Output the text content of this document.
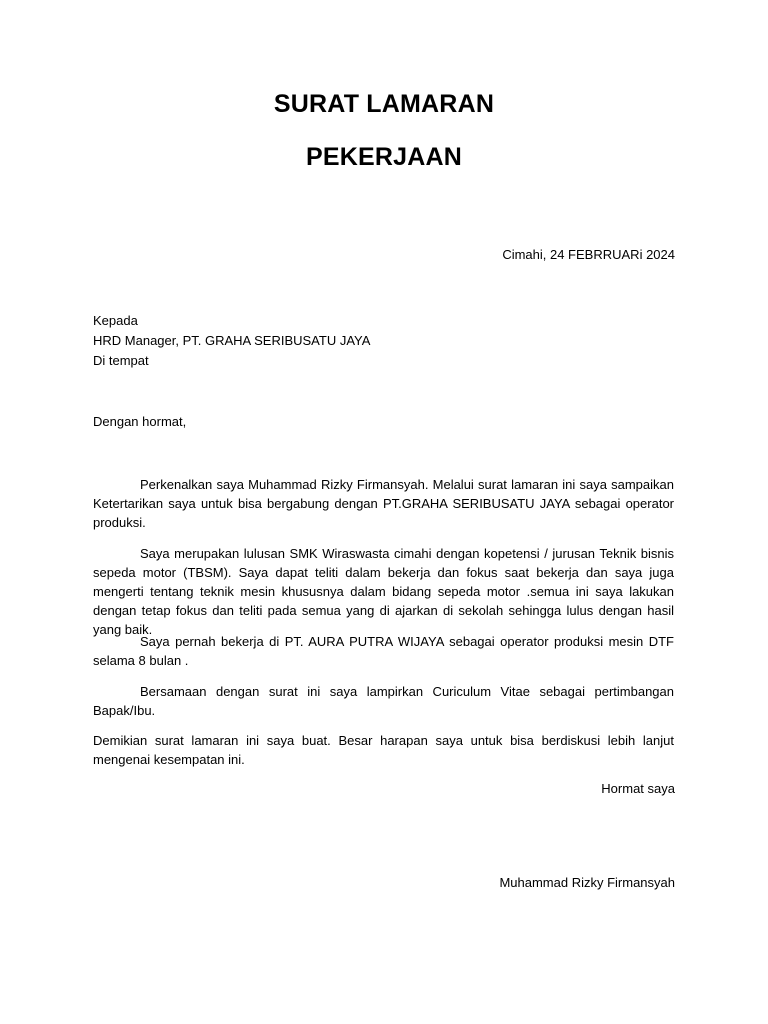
SURAT LAMARAN
PEKERJAAN
Cimahi, 24 FEBRRUARi 2024
Kepada
HRD Manager, PT. GRAHA SERIBUSATU JAYA
Di tempat
Dengan hormat,
Perkenalkan saya Muhammad Rizky Firmansyah. Melalui surat lamaran ini saya sampaikan Ketertarikan saya untuk bisa bergabung dengan PT.GRAHA SERIBUSATU JAYA sebagai operator produksi.
Saya merupakan lulusan SMK Wiraswasta cimahi dengan kopetensi / jurusan Teknik bisnis sepeda motor (TBSM). Saya dapat teliti dalam bekerja dan fokus saat bekerja dan saya juga mengerti tentang teknik mesin khususnya dalam bidang sepeda motor .semua ini saya lakukan dengan tetap fokus dan teliti pada semua yang di ajarkan di sekolah sehingga lulus dengan hasil yang baik.
Saya pernah bekerja di PT. AURA PUTRA WIJAYA sebagai operator produksi mesin DTF selama 8 bulan .
Bersamaan dengan surat ini saya lampirkan Curiculum Vitae sebagai pertimbangan Bapak/Ibu.
Demikian surat lamaran ini saya buat. Besar harapan saya untuk bisa berdiskusi lebih lanjut mengenai kesempatan ini.
Hormat saya
Muhammad Rizky Firmansyah
